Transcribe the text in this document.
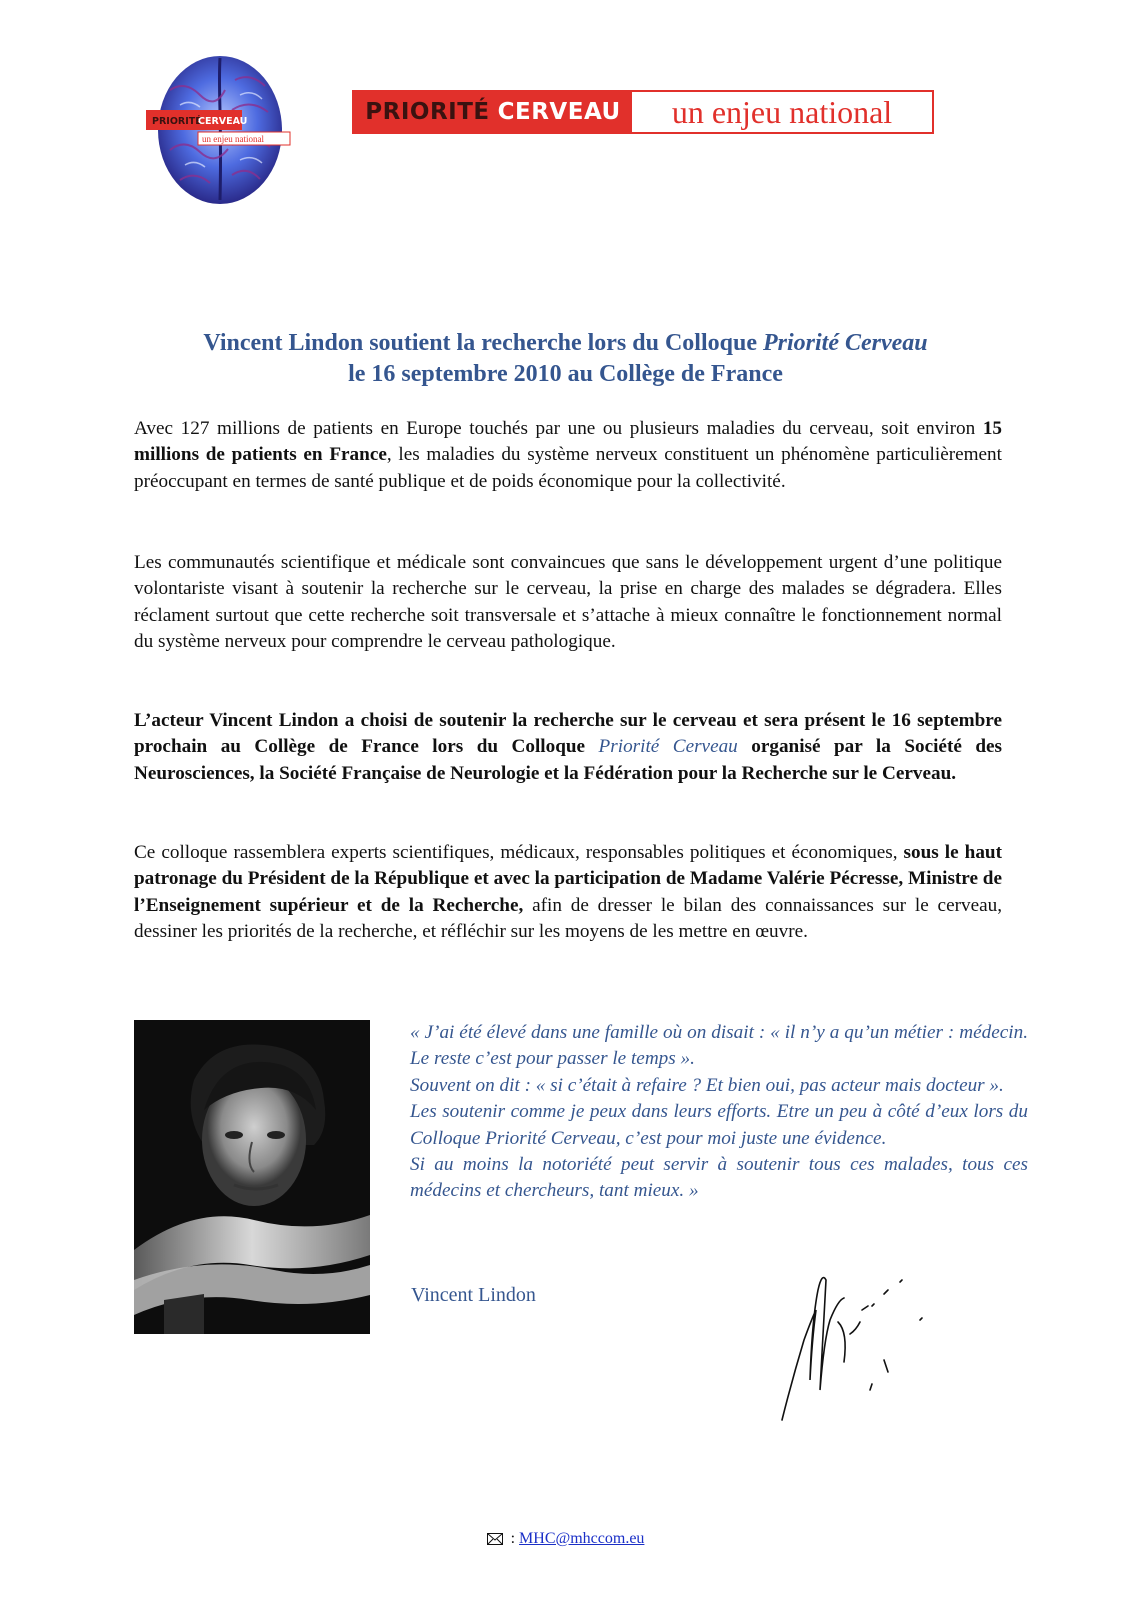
PRIORITÉ
CERVEAU
un enjeu national
PRIORITÉ CERVEAU	un enjeu national
Vincent Lindon soutient la recherche lors du Colloque Priorité Cerveau
le 16 septembre 2010 au Collège de France
Avec 127 millions de patients en Europe touchés par une ou plusieurs maladies du cerveau, soit environ 15 millions de patients en France, les maladies du système nerveux constituent un phénomène particulièrement préoccupant en termes de santé publique et de poids économique pour la collectivité.
Les communautés scientifique et médicale sont convaincues que sans le développement urgent d’une politique volontariste visant à soutenir la recherche sur le cerveau, la prise en charge des malades se dégradera. Elles réclament surtout que cette recherche soit transversale et s’attache à mieux connaître le fonctionnement normal du système nerveux pour comprendre le cerveau pathologique.
L’acteur Vincent Lindon a choisi de soutenir la recherche sur le cerveau et sera présent le 16 septembre prochain au Collège de France lors du Colloque Priorité Cerveau organisé par la Société des Neurosciences, la Société Française de Neurologie et la Fédération pour la Recherche sur le Cerveau.
Ce colloque rassemblera experts scientifiques, médicaux, responsables politiques et économiques, sous le haut patronage du Président de la République et avec la participation de Madame Valérie Pécresse, Ministre de l’Enseignement supérieur et de la Recherche, afin de dresser le bilan des connaissances sur le cerveau, dessiner les priorités de la recherche, et réfléchir sur les moyens de les mettre en œuvre.
« J’ai été élevé dans une famille où on disait : « il n’y a qu’un métier : médecin. Le reste c’est pour passer le temps ».
Souvent on dit : « si c’était à refaire ? Et bien oui, pas acteur mais docteur ».
Les soutenir comme je peux dans leurs efforts. Etre un peu à côté d’eux lors du Colloque Priorité Cerveau, c’est pour moi juste une évidence.
Si au moins la notoriété peut servir à soutenir tous ces malades, tous ces médecins et chercheurs, tant mieux. »
Vincent Lindon
: MHC@mhccom.eu
